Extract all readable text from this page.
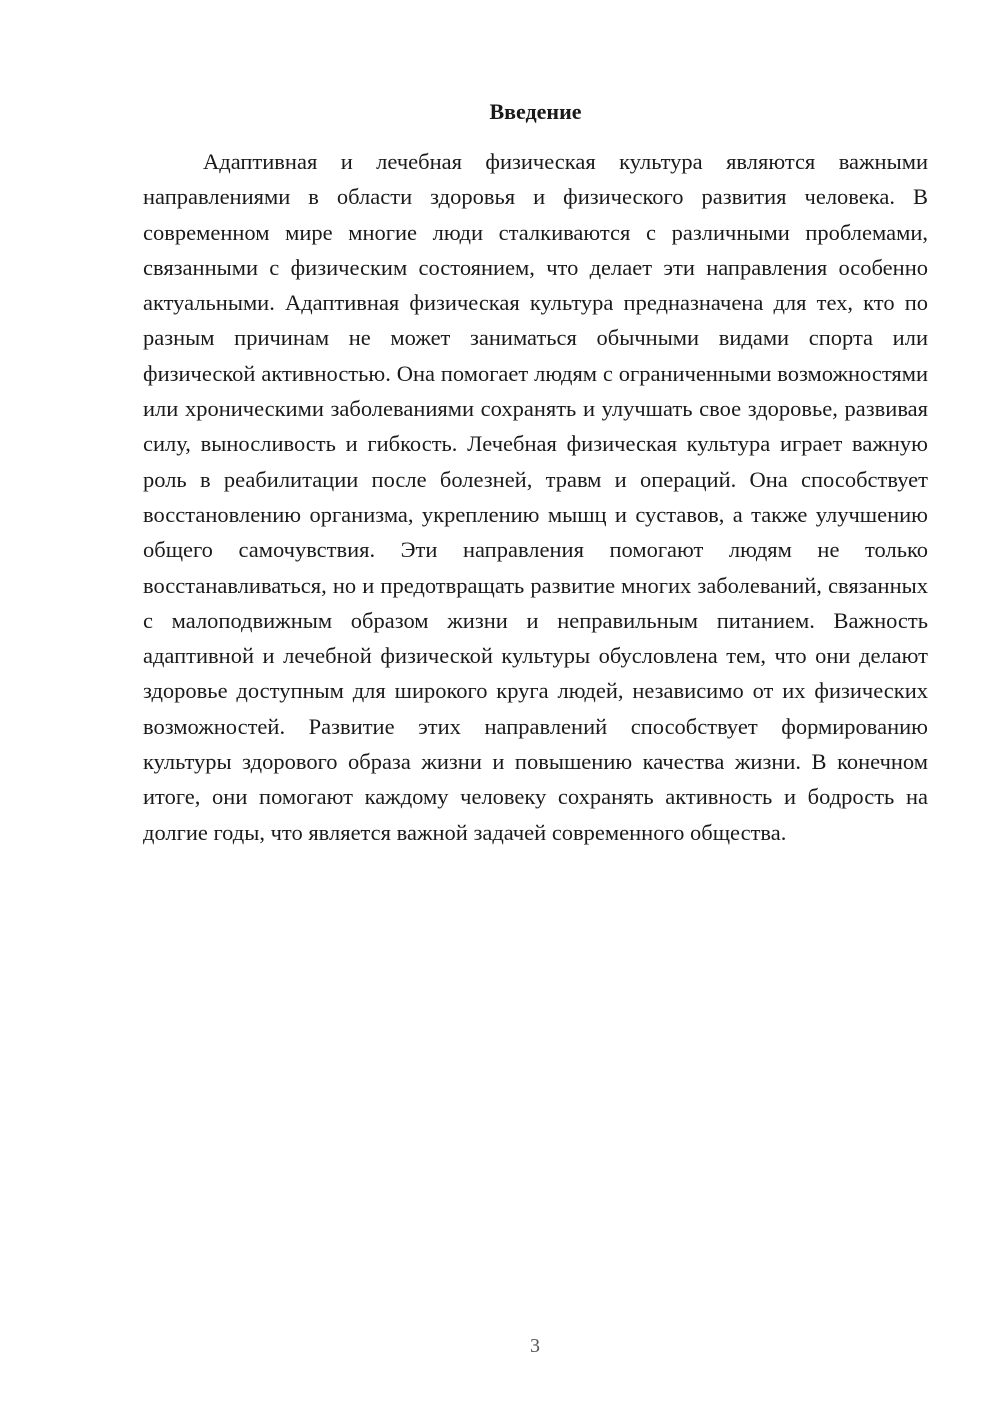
Введение

Адаптивная и лечебная физическая культура являются важными направлениями в области здоровья и физического развития человека. В современном мире многие люди сталкиваются с различными проблемами, связанными с физическим состоянием, что делает эти направления особенно актуальными. Адаптивная физическая культура предназначена для тех, кто по разным причинам не может заниматься обычными видами спорта или физической активностью. Она помогает людям с ограниченными возможностями или хроническими заболеваниями сохранять и улучшать свое здоровье, развивая силу, выносливость и гибкость. Лечебная физическая культура играет важную роль в реабилитации после болезней, травм и операций. Она способствует восстановлению организма, укреплению мышц и суставов, а также улучшению общего самочувствия. Эти направления помогают людям не только восстанавливаться, но и предотвращать развитие многих заболеваний, связанных с малоподвижным образом жизни и неправильным питанием. Важность адаптивной и лечебной физической культуры обусловлена тем, что они делают здоровье доступным для широкого круга людей, независимо от их физических возможностей. Развитие этих направлений способствует формированию культуры здорового образа жизни и повышению качества жизни. В конечном итоге, они помогают каждому человеку сохранять активность и бодрость на долгие годы, что является важной задачей современного общества.

3
